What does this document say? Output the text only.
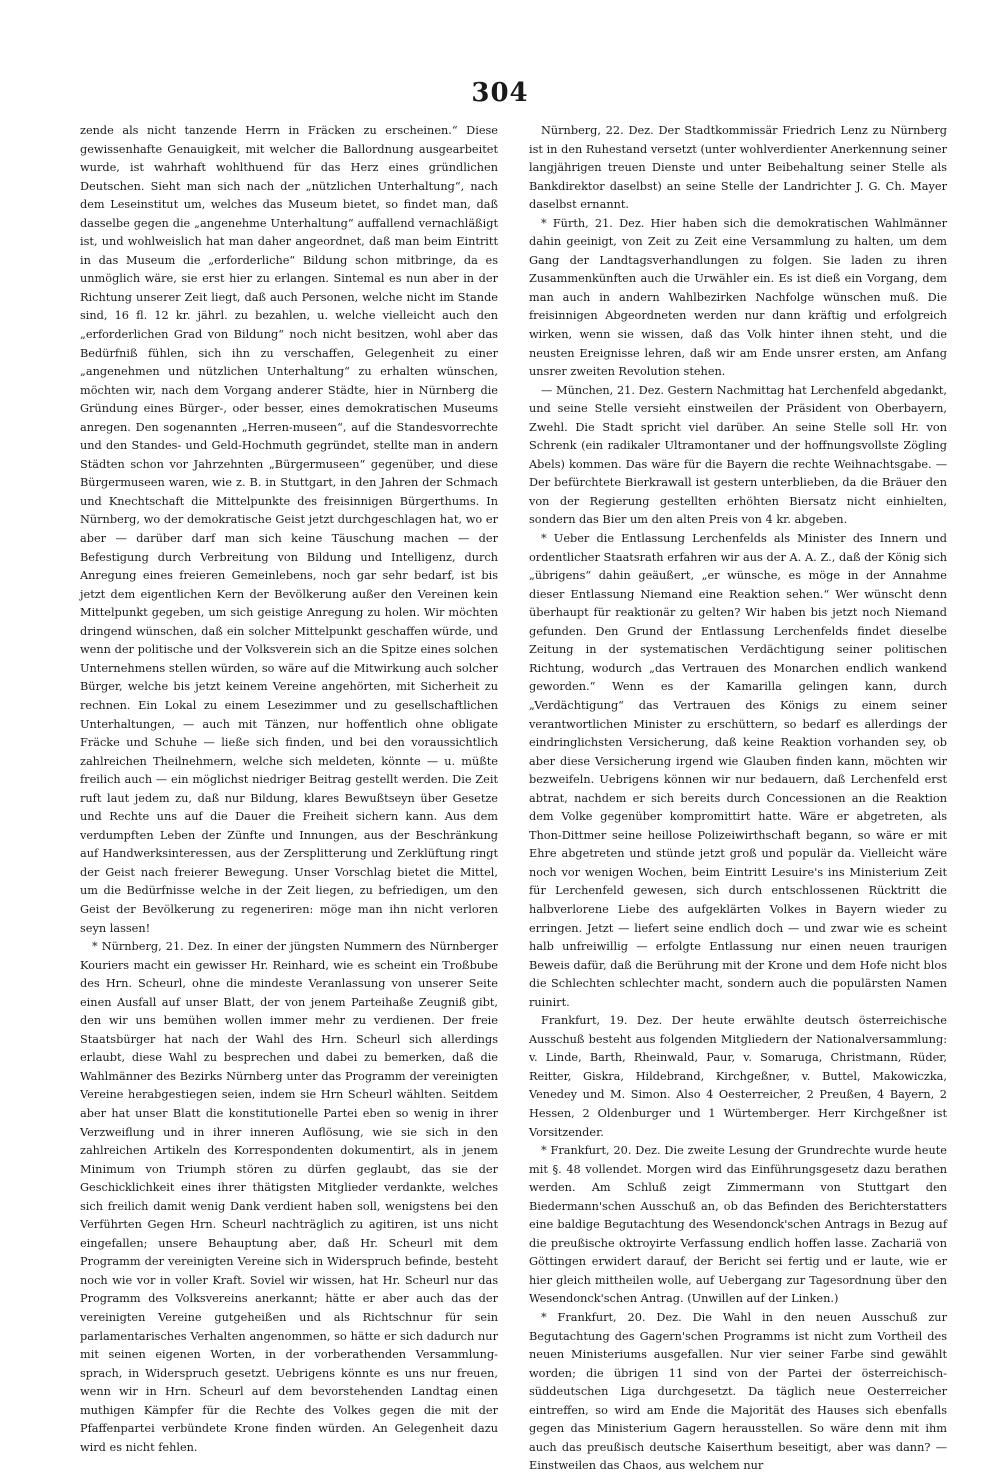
304

zende als nicht tanzende Herrn in Fräcken zu erscheinen.“ Diese gewissenhafte Genauigkeit, mit welcher die Ballordnung ausgearbeitet wurde, ist wahrhaft wohlthuend für das Herz eines gründlichen Deutschen. Sieht man sich nach der „nützlichen Unterhaltung“, nach dem Leseinstitut um, welches das Museum bietet, so findet man, daß dasselbe gegen die „angenehme Unterhaltung“ auffallend vernachläßigt ist, und wohlweislich hat man daher angeordnet, daß man beim Eintritt in das Museum die „erforderliche“ Bildung schon mitbringe, da es unmöglich wäre, sie erst hier zu erlangen. Sintemal es nun aber in der Richtung unserer Zeit liegt, daß auch Personen, welche nicht im Stande sind, 16 fl. 12 kr. jährl. zu bezahlen, u. welche vielleicht auch den „erforderlichen Grad von Bildung“ noch nicht besitzen, wohl aber das Bedürfniß fühlen, sich ihn zu verschaffen, Gelegenheit zu einer „angenehmen und nützlichen Unterhaltung“ zu erhalten wünschen, möchten wir, nach dem Vorgang anderer Städte, hier in Nürnberg die Gründung eines Bürger-, oder besser, eines demokratischen Museums anregen. Den sogenannten „Herren-museen“, auf die Standesvorrechte und den Standes- und Geld-Hochmuth gegründet, stellte man in andern Städten schon vor Jahrzehnten „Bürgermuseen“ gegenüber, und diese Bürgermuseen waren, wie z. B. in Stuttgart, in den Jahren der Schmach und Knechtschaft die Mittelpunkte des freisinnigen Bürgerthums. In Nürnberg, wo der demokratische Geist jetzt durchgeschlagen hat, wo er aber — darüber darf man sich keine Täuschung machen — der Befestigung durch Verbreitung von Bildung und Intelligenz, durch Anregung eines freieren Gemeinlebens, noch gar sehr bedarf, ist bis jetzt dem eigentlichen Kern der Bevölkerung außer den Vereinen kein Mittelpunkt gegeben, um sich geistige Anregung zu holen. Wir möchten dringend wünschen, daß ein solcher Mittelpunkt geschaffen würde, und wenn der politische und der Volksverein sich an die Spitze eines solchen Unternehmens stellen würden, so wäre auf die Mitwirkung auch solcher Bürger, welche bis jetzt keinem Vereine angehörten, mit Sicherheit zu rechnen. Ein Lokal zu einem Lesezimmer und zu gesellschaftlichen Unterhaltungen, — auch mit Tänzen, nur hoffentlich ohne obligate Fräcke und Schuhe — ließe sich finden, und bei den voraussichtlich zahlreichen Theilnehmern, welche sich meldeten, könnte — u. müßte freilich auch — ein möglichst niedriger Beitrag gestellt werden. Die Zeit ruft laut jedem zu, daß nur Bildung, klares Bewußtseyn über Gesetze und Rechte uns auf die Dauer die Freiheit sichern kann. Aus dem verdumpften Leben der Zünfte und Innungen, aus der Beschränkung auf Handwerksinteressen, aus der Zersplitterung und Zerklüftung ringt der Geist nach freierer Bewegung. Unser Vorschlag bietet die Mittel, um die Bedürfnisse welche in der Zeit liegen, zu befriedigen, um den Geist der Bevölkerung zu regeneriren: möge man ihn nicht verloren seyn lassen!

* Nürnberg, 21. Dez. In einer der jüngsten Nummern des Nürnberger Kouriers macht ein gewisser Hr. Reinhard, wie es scheint ein Troßbube des Hrn. Scheurl, ohne die mindeste Veranlassung von unserer Seite einen Ausfall auf unser Blatt, der von jenem Parteihaße Zeugniß gibt, den wir uns bemühen wollen immer mehr zu verdienen. Der freie Staatsbürger hat nach der Wahl des Hrn. Scheurl sich allerdings erlaubt, diese Wahl zu besprechen und dabei zu bemerken, daß die Wahlmänner des Bezirks Nürnberg unter das Programm der vereinigten Vereine herabgestiegen seien, indem sie Hrn Scheurl wählten. Seitdem aber hat unser Blatt die konstitutionelle Partei eben so wenig in ihrer Verzweiflung und in ihrer inneren Auflösung, wie sie sich in den zahlreichen Artikeln des Korrespondenten dokumentirt, als in jenem Minimum von Triumph stören zu dürfen geglaubt, das sie der Geschicklichkeit eines ihrer thätigsten Mitglieder verdankte, welches sich freilich damit wenig Dank verdient haben soll, wenigstens bei den Verführten Gegen Hrn. Scheurl nachträglich zu agitiren, ist uns nicht eingefallen; unsere Behauptung aber, daß Hr. Scheurl mit dem Programm der vereinigten Vereine sich in Widerspruch befinde, besteht noch wie vor in voller Kraft. Soviel wir wissen, hat Hr. Scheurl nur das Programm des Volksvereins anerkannt; hätte er aber auch das der vereinigten Vereine gutgeheißen und als Richtschnur für sein parlamentarisches Verhalten angenommen, so hätte er sich dadurch nur mit seinen eigenen Worten, in der vorberathenden Versammlung-sprach, in Widerspruch gesetzt. Uebrigens könnte es uns nur freuen, wenn wir in Hrn. Scheurl auf dem bevorstehenden Landtag einen muthigen Kämpfer für die Rechte des Volkes gegen die mit der Pfaffenpartei verbündete Krone finden würden. An Gelegenheit dazu wird es nicht fehlen.

Nürnberg, 22. Dez. Der Stadtkommissär Friedrich Lenz zu Nürnberg ist in den Ruhestand versetzt (unter wohlverdienter Anerkennung seiner langjährigen treuen Dienste und unter Beibehaltung seiner Stelle als Bankdirektor daselbst) an seine Stelle der Landrichter J. G. Ch. Mayer daselbst ernannt.

* Fürth, 21. Dez. Hier haben sich die demokratischen Wahlmänner dahin geeinigt, von Zeit zu Zeit eine Versammlung zu halten, um dem Gang der Landtagsverhandlungen zu folgen. Sie laden zu ihren Zusammenkünften auch die Urwähler ein. Es ist dieß ein Vorgang, dem man auch in andern Wahlbezirken Nachfolge wünschen muß. Die freisinnigen Abgeordneten werden nur dann kräftig und erfolgreich wirken, wenn sie wissen, daß das Volk hinter ihnen steht, und die neusten Ereignisse lehren, daß wir am Ende unsrer ersten, am Anfang unsrer zweiten Revolution stehen.

— München, 21. Dez. Gestern Nachmittag hat Lerchenfeld abgedankt, und seine Stelle versieht einstweilen der Präsident von Oberbayern, Zwehl. Die Stadt spricht viel darüber. An seine Stelle soll Hr. von Schrenk (ein radikaler Ultramontaner und der hoffnungsvollste Zögling Abels) kommen. Das wäre für die Bayern die rechte Weihnachtsgabe. — Der befürchtete Bierkrawall ist gestern unterblieben, da die Bräuer den von der Regierung gestellten erhöhten Biersatz nicht einhielten, sondern das Bier um den alten Preis von 4 kr. abgeben.

* Ueber die Entlassung Lerchenfelds als Minister des Innern und ordentlicher Staatsrath erfahren wir aus der A. A. Z., daß der König sich „übrigens“ dahin geäußert, „er wünsche, es möge in der Annahme dieser Entlassung Niemand eine Reaktion sehen.“ Wer wünscht denn überhaupt für reaktionär zu gelten? Wir haben bis jetzt noch Niemand gefunden. Den Grund der Entlassung Lerchenfelds findet dieselbe Zeitung in der systematischen Verdächtigung seiner politischen Richtung, wodurch „das Vertrauen des Monarchen endlich wankend geworden.“ Wenn es der Kamarilla gelingen kann, durch „Verdächtigung“ das Vertrauen des Königs zu einem seiner verantwortlichen Minister zu erschüttern, so bedarf es allerdings der eindringlichsten Versicherung, daß keine Reaktion vorhanden sey, ob aber diese Versicherung irgend wie Glauben finden kann, möchten wir bezweifeln. Uebrigens können wir nur bedauern, daß Lerchenfeld erst abtrat, nachdem er sich bereits durch Concessionen an die Reaktion dem Volke gegenüber kompromittirt hatte. Wäre er abgetreten, als Thon-Dittmer seine heillose Polizeiwirthschaft begann, so wäre er mit Ehre abgetreten und stünde jetzt groß und populär da. Vielleicht wäre noch vor wenigen Wochen, beim Eintritt Lesuire's ins Ministerium Zeit für Lerchenfeld gewesen, sich durch entschlossenen Rücktritt die halbverlorene Liebe des aufgeklärten Volkes in Bayern wieder zu erringen. Jetzt — liefert seine endlich doch — und zwar wie es scheint halb unfreiwillig — erfolgte Entlassung nur einen neuen traurigen Beweis dafür, daß die Berührung mit der Krone und dem Hofe nicht blos die Schlechten schlechter macht, sondern auch die populärsten Namen ruinirt.

Frankfurt, 19. Dez. Der heute erwählte deutsch österreichische Ausschuß besteht aus folgenden Mitgliedern der Nationalversammlung: v. Linde, Barth, Rheinwald, Paur, v. Somaruga, Christmann, Rüder, Reitter, Giskra, Hildebrand, Kirchgeßner, v. Buttel, Makowiczka, Venedey und M. Simon. Also 4 Oesterreicher, 2 Preußen, 4 Bayern, 2 Hessen, 2 Oldenburger und 1 Würtemberger. Herr Kirchgeßner ist Vorsitzender.

* Frankfurt, 20. Dez. Die zweite Lesung der Grundrechte wurde heute mit §. 48 vollendet. Morgen wird das Einführungsgesetz dazu berathen werden. Am Schluß zeigt Zimmermann von Stuttgart den Biedermann'schen Ausschuß an, ob das Befinden des Berichterstatters eine baldige Begutachtung des Wesendonck'schen Antrags in Bezug auf die preußische oktroyirte Verfassung endlich hoffen lasse. Zachariä von Göttingen erwidert darauf, der Bericht sei fertig und er laute, wie er hier gleich mittheilen wolle, auf Uebergang zur Tagesordnung über den Wesendonck'schen Antrag. (Unwillen auf der Linken.)

* Frankfurt, 20. Dez. Die Wahl in den neuen Ausschuß zur Begutachtung des Gagern'schen Programms ist nicht zum Vortheil des neuen Ministeriums ausgefallen. Nur vier seiner Farbe sind gewählt worden; die übrigen 11 sind von der Partei der österreichisch-süddeutschen Liga durchgesetzt. Da täglich neue Oesterreicher eintreffen, so wird am Ende die Majorität des Hauses sich ebenfalls gegen das Ministerium Gagern herausstellen. So wäre denn mit ihm auch das preußisch deutsche Kaiserthum beseitigt, aber was dann? — Einstweilen das Chaos, aus welchem nur
